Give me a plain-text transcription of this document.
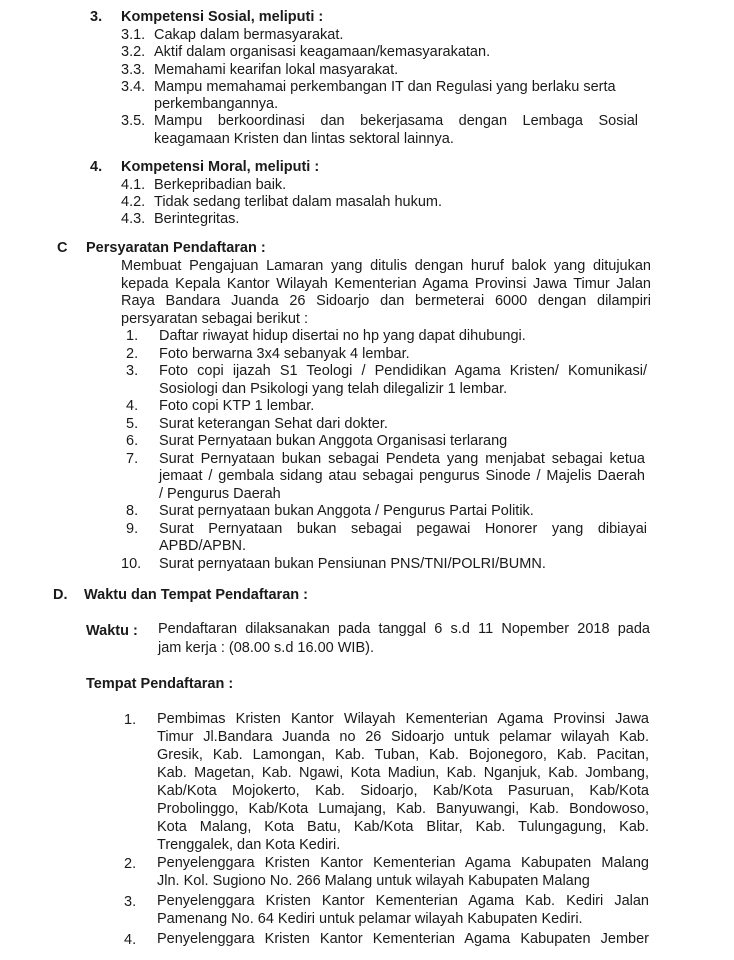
3. Kompetensi Sosial, meliputi :
3.1. Cakap dalam bermasyarakat.
3.2. Aktif dalam organisasi keagamaan/kemasyarakatan.
3.3. Memahami kearifan lokal masyarakat.
3.4. Mampu memahamai perkembangan IT dan Regulasi yang berlaku serta
perkembangannya.
3.5. Mampu berkoordinasi dan bekerjasama dengan Lembaga Sosial
keagamaan Kristen dan lintas sektoral lainnya.
4. Kompetensi Moral, meliputi :
4.1. Berkepribadian baik.
4.2. Tidak sedang terlibat dalam masalah hukum.
4.3. Berintegritas.
C Persyaratan Pendaftaran :
Membuat Pengajuan Lamaran yang ditulis dengan huruf balok yang ditujukan
kepada Kepala Kantor Wilayah Kementerian Agama Provinsi Jawa Timur Jalan
Raya Bandara Juanda 26 Sidoarjo dan bermeterai 6000 dengan dilampiri
persyaratan sebagai berikut :
1. Daftar riwayat hidup disertai no hp yang dapat dihubungi.
2. Foto berwarna 3x4 sebanyak 4 lembar.
3. Foto copi ijazah S1 Teologi / Pendidikan Agama Kristen/ Komunikasi/
Sosiologi dan Psikologi yang telah dilegalizir 1 lembar.
4. Foto copi KTP 1 lembar.
5. Surat keterangan Sehat dari dokter.
6. Surat Pernyataan bukan Anggota Organisasi terlarang
7. Surat Pernyataan bukan sebagai Pendeta yang menjabat sebagai ketua
jemaat / gembala sidang atau sebagai pengurus Sinode / Majelis Daerah
/ Pengurus Daerah
8. Surat pernyataan bukan Anggota / Pengurus Partai Politik.
9. Surat Pernyataan bukan sebagai pegawai Honorer yang dibiayai
APBD/APBN.
10. Surat pernyataan bukan Pensiunan PNS/TNI/POLRI/BUMN.
D. Waktu dan Tempat Pendaftaran :
Waktu : Pendaftaran dilaksanakan pada tanggal 6 s.d 11 Nopember 2018 pada
jam kerja : (08.00 s.d 16.00 WIB).
Tempat Pendaftaran :
1. Pembimas Kristen Kantor Wilayah Kementerian Agama Provinsi Jawa
Timur Jl.Bandara Juanda no 26 Sidoarjo untuk pelamar wilayah Kab.
Gresik, Kab. Lamongan, Kab. Tuban, Kab. Bojonegoro, Kab. Pacitan,
Kab. Magetan, Kab. Ngawi, Kota Madiun, Kab. Nganjuk, Kab. Jombang,
Kab/Kota Mojokerto, Kab. Sidoarjo, Kab/Kota Pasuruan, Kab/Kota
Probolinggo, Kab/Kota Lumajang, Kab. Banyuwangi, Kab. Bondowoso,
Kota Malang, Kota Batu, Kab/Kota Blitar, Kab. Tulungagung, Kab.
Trenggalek, dan Kota Kediri.
2. Penyelenggara Kristen Kantor Kementerian Agama Kabupaten Malang
Jln. Kol. Sugiono No. 266 Malang untuk wilayah Kabupaten Malang
3. Penyelenggara Kristen Kantor Kementerian Agama Kab. Kediri Jalan
Pamenang No. 64 Kediri untuk pelamar wilayah Kabupaten Kediri.
4. Penyelenggara Kristen Kantor Kementerian Agama Kabupaten Jember
